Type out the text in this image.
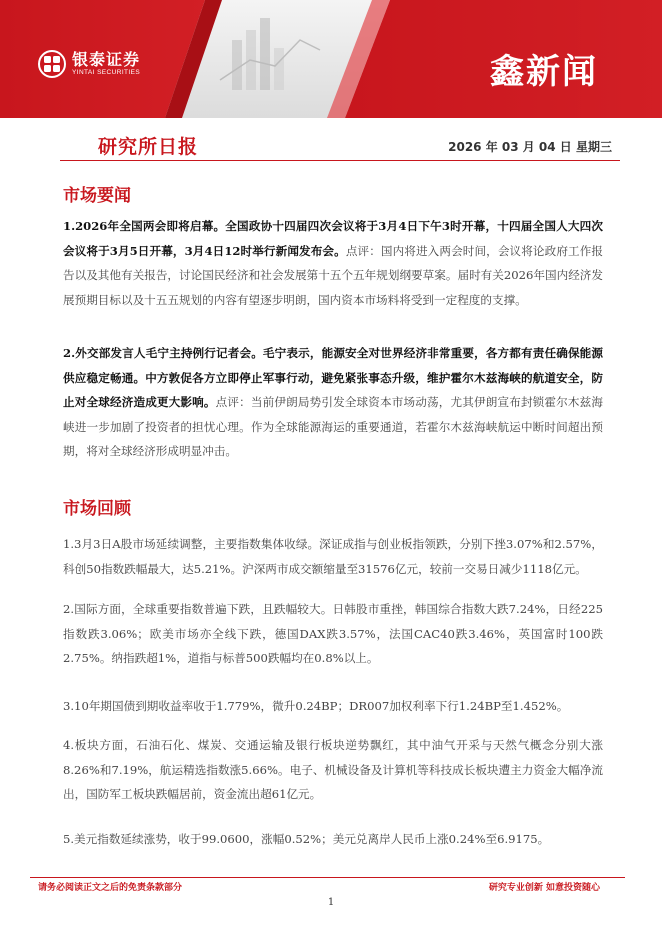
银泰证券
YINTAI SECURITIES	鑫新闻
研究所日报	2026 年 03 月 04 日 星期三
市场要闻
1.2026年全国两会即将启幕。全国政协十四届四次会议将于3月4日下午3时开幕，十四届全国人大四次会议将于3月5日开幕，3月4日12时举行新闻发布会。点评：国内将进入两会时间，会议将论政府工作报告以及其他有关报告，讨论国民经济和社会发展第十五个五年规划纲要草案。届时有关2026年国内经济发展预期目标以及十五五规划的内容有望逐步明朗，国内资本市场料将受到一定程度的支撑。
2.外交部发言人毛宁主持例行记者会。毛宁表示，能源安全对世界经济非常重要，各方都有责任确保能源供应稳定畅通。中方敦促各方立即停止军事行动，避免紧张事态升级，维护霍尔木兹海峡的航道安全，防止对全球经济造成更大影响。点评：当前伊朗局势引发全球资本市场动荡，尤其伊朗宣布封锁霍尔木兹海峡进一步加剧了投资者的担忧心理。作为全球能源海运的重要通道，若霍尔木兹海峡航运中断时间超出预期，将对全球经济形成明显冲击。
市场回顾
1.3月3日A股市场延续调整，主要指数集体收绿。深证成指与创业板指领跌，分别下挫3.07%和2.57%，科创50指数跌幅最大，达5.21%。沪深两市成交额缩量至31576亿元，较前一交易日减少1118亿元。
2.国际方面，全球重要指数普遍下跌，且跌幅较大。日韩股市重挫，韩国综合指数大跌7.24%，日经225指数跌3.06%；欧美市场亦全线下跌，德国DAX跌3.57%，法国CAC40跌3.46%，英国富时100跌2.75%。纳指跌超1%，道指与标普500跌幅均在0.8%以上。
3.10年期国债到期收益率收于1.779%，微升0.24BP；DR007加权利率下行1.24BP至1.452%。
4.板块方面，石油石化、煤炭、交通运输及银行板块逆势飘红，其中油气开采与天然气概念分别大涨8.26%和7.19%，航运精选指数涨5.66%。电子、机械设备及计算机等科技成长板块遭主力资金大幅净流出，国防军工板块跌幅居前，资金流出超61亿元。
5.美元指数延续涨势，收于99.0600，涨幅0.52%；美元兑离岸人民币上涨0.24%至6.9175。
请务必阅读正文之后的免责条款部分	研究专业创新 如意投资随心
1
